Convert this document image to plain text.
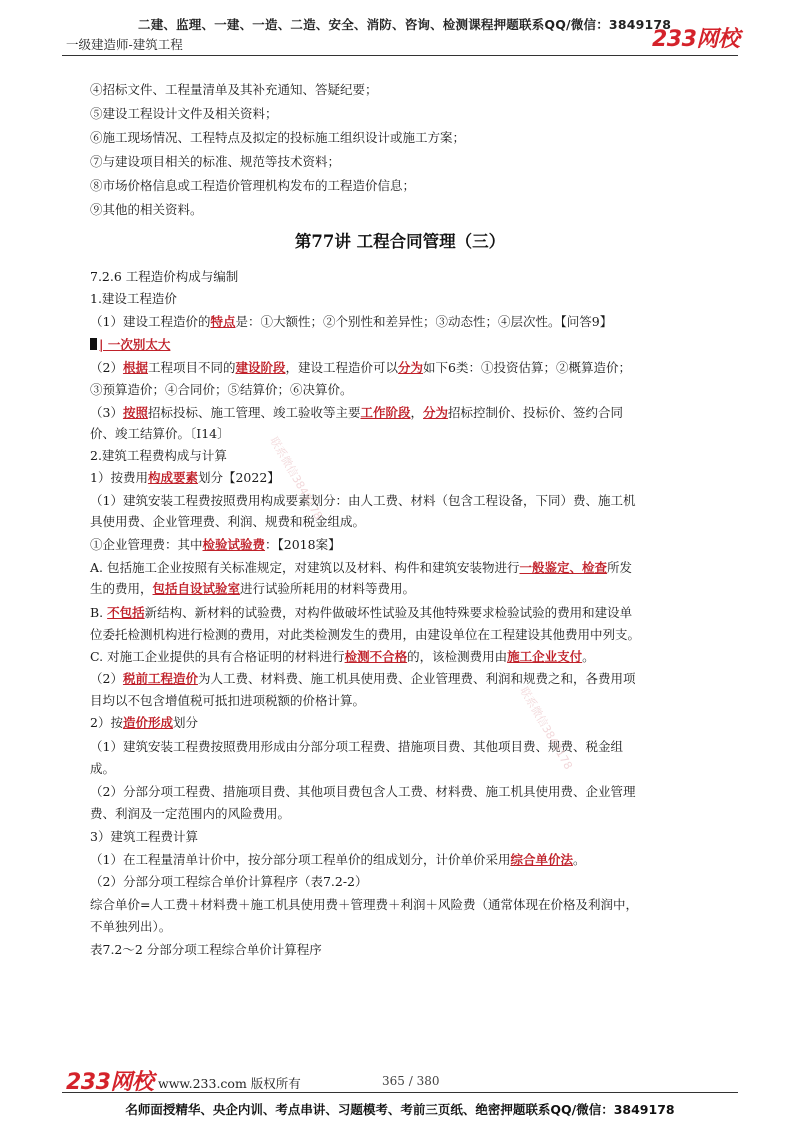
二建、监理、一建、一造、二造、安全、消防、咨询、检测课程押题联系QQ/微信：3849178
一级建造师-建筑工程	233网校
④招标文件、工程量清单及其补充通知、答疑纪要；
⑤建设工程设计文件及相关资料；
⑥施工现场情况、工程特点及拟定的投标施工组织设计或施工方案；
⑦与建设项目相关的标准、规范等技术资料；
⑧市场价格信息或工程造价管理机构发布的工程造价信息；
⑨其他的相关资料。
第77讲 工程合同管理（三）
7.2.6 工程造价构成与编制
1.建设工程造价
（1）建设工程造价的特点是：①大额性；②个别性和差异性；③动态性；④层次性。【问答9】
| 一次别太大
（2）根据工程项目不同的建设阶段，建设工程造价可以分为如下6类：①投资估算；②概算造价；
③预算造价；④合同价；⑤结算价；⑥决算价。
（3）按照招标投标、施工管理、竣工验收等主要工作阶段，分为招标控制价、投标价、签约合同
价、竣工结算价。〔Ⅰ14〕
2.建筑工程费构成与计算
1）按费用构成要素划分【2022】
（1）建筑安装工程费按照费用构成要素划分：由人工费、材料（包含工程设备，下同）费、施工机
具使用费、企业管理费、利润、规费和税金组成。
①企业管理费：其中检验试验费：【2018案】
A. 包括施工企业按照有关标准规定，对建筑以及材料、构件和建筑安装物进行一般鉴定、检查所发
生的费用，包括自设试验室进行试验所耗用的材料等费用。
B. 不包括新结构、新材料的试验费，对构件做破坏性试验及其他特殊要求检验试验的费用和建设单
位委托检测机构进行检测的费用，对此类检测发生的费用，由建设单位在工程建设其他费用中列支。
C. 对施工企业提供的具有合格证明的材料进行检测不合格的，该检测费用由施工企业支付。
（2）税前工程造价为人工费、材料费、施工机具使用费、企业管理费、利润和规费之和，各费用项
目均以不包含增值税可抵扣进项税额的价格计算。
2）按造价形成划分
（1）建筑安装工程费按照费用形成由分部分项工程费、措施项目费、其他项目费、规费、税金组
成。
（2）分部分项工程费、措施项目费、其他项目费包含人工费、材料费、施工机具使用费、企业管理
费、利润及一定范围内的风险费用。
3）建筑工程费计算
（1）在工程量清单计价中，按分部分项工程单价的组成划分，计价单价采用综合单价法。
（2）分部分项工程综合单价计算程序（表7.2-2）
综合单价=人工费＋材料费＋施工机具使用费＋管理费＋利润＋风险费（通常体现在价格及利润中，
不单独列出）。
表7.2～2 分部分项工程综合单价计算程序
联系微信3849178
联系微信3849178
233网校 www.233.com 版权所有	365 / 380
名师面授精华、央企内训、考点串讲、习题模考、考前三页纸、绝密押题联系QQ/微信：3849178
